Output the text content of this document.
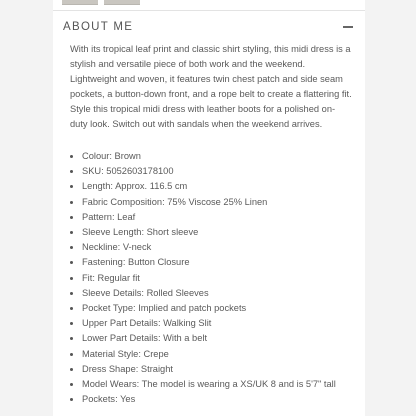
ABOUT ME

With its tropical leaf print and classic shirt styling, this midi dress is a stylish and versatile piece of both work and the weekend. Lightweight and woven, it features twin chest patch and side seam pockets, a button-down front, and a rope belt to create a flattering fit. Style this tropical midi dress with leather boots for a polished on-duty look. Switch out with sandals when the weekend arrives.

• Colour: Brown
• SKU: 5052603178100
• Length: Approx. 116.5 cm
• Fabric Composition: 75% Viscose 25% Linen
• Pattern: Leaf
• Sleeve Length: Short sleeve
• Neckline: V-neck
• Fastening: Button Closure
• Fit: Regular fit
• Sleeve Details: Rolled Sleeves
• Pocket Type: Implied and patch pockets
• Upper Part Details: Walking Slit
• Lower Part Details: With a belt
• Material Style: Crepe
• Dress Shape: Straight
• Model Wears: The model is wearing a XS/UK 8 and is 5'7" tall
• Pockets: Yes
